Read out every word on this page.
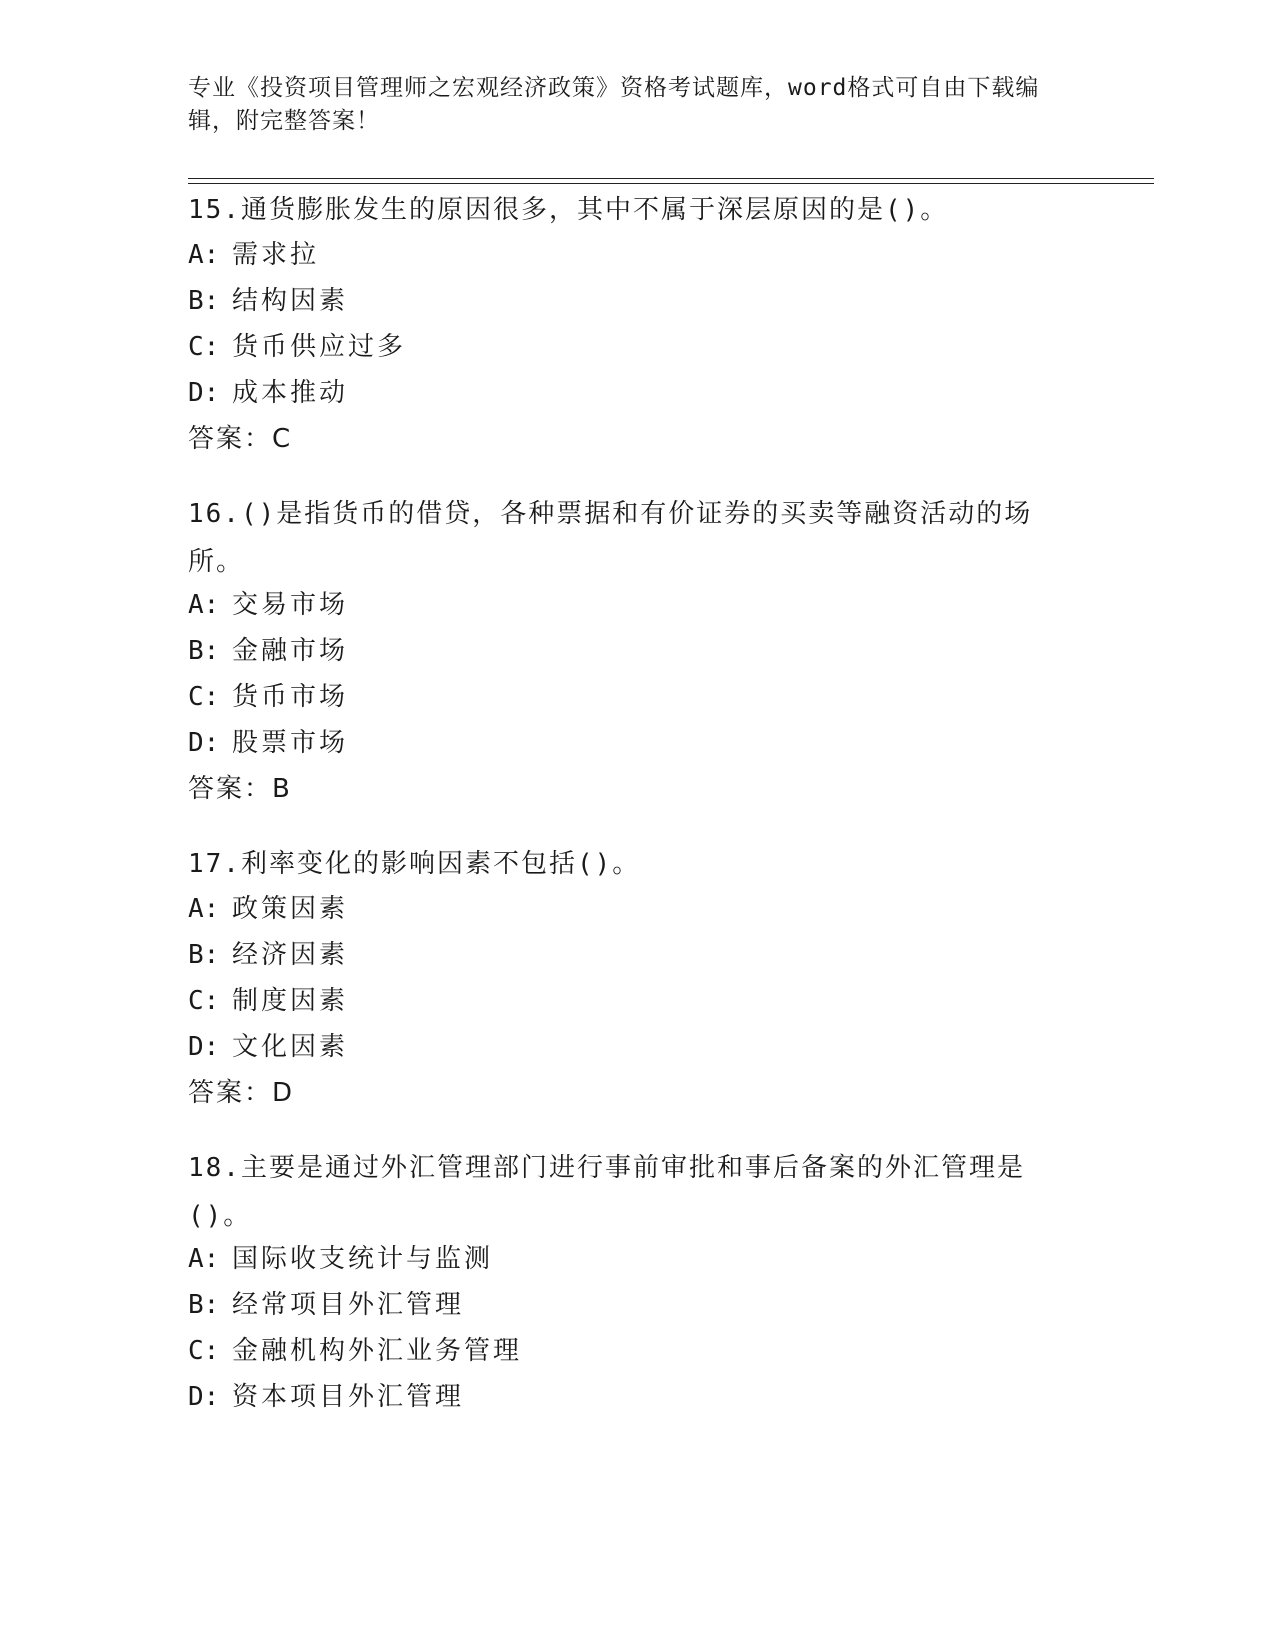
专业《投资项目管理师之宏观经济政策》资格考试题库，word格式可自由下载编辑，附完整答案！
15.通货膨胀发生的原因很多，其中不属于深层原因的是()。
A: 需求拉
B: 结构因素
C: 货币供应过多
D: 成本推动
答案：C
16.()是指货币的借贷，各种票据和有价证券的买卖等融资活动的场所。
A: 交易市场
B: 金融市场
C: 货币市场
D: 股票市场
答案：B
17.利率变化的影响因素不包括()。
A: 政策因素
B: 经济因素
C: 制度因素
D: 文化因素
答案：D
18.主要是通过外汇管理部门进行事前审批和事后备案的外汇管理是()。
A: 国际收支统计与监测
B: 经常项目外汇管理
C: 金融机构外汇业务管理
D: 资本项目外汇管理
